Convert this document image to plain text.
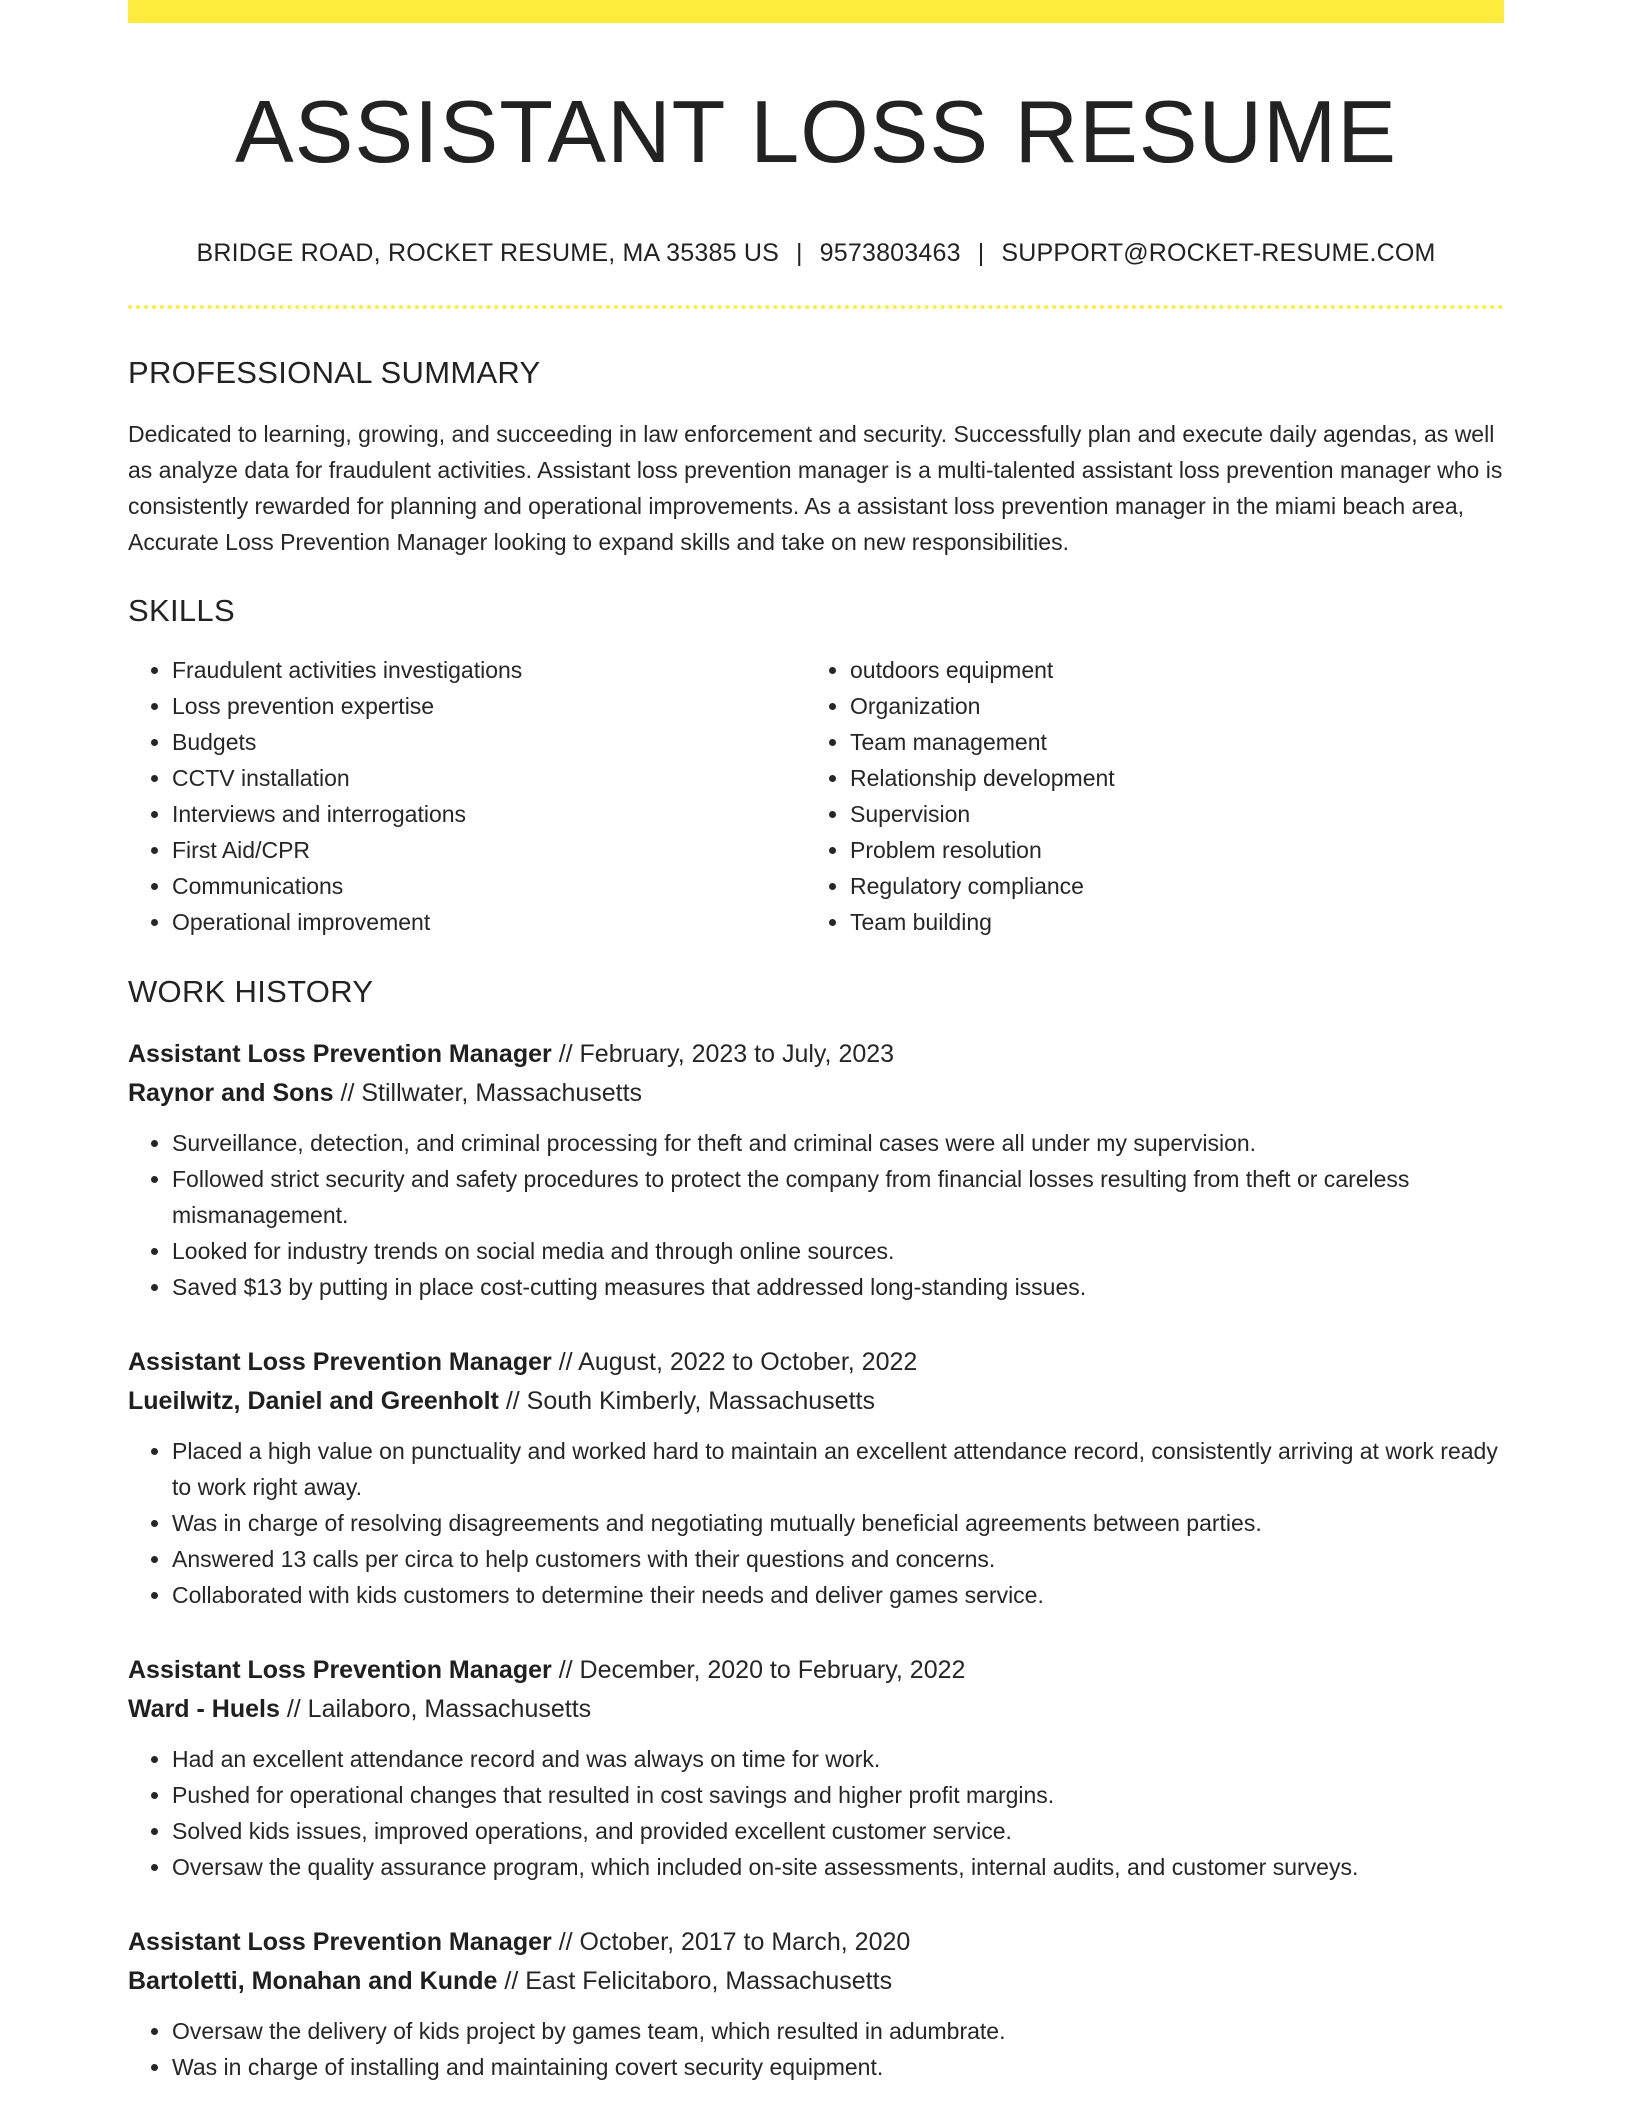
ASSISTANT LOSS RESUME
BRIDGE ROAD, ROCKET RESUME, MA 35385 US | 9573803463 | SUPPORT@ROCKET-RESUME.COM
PROFESSIONAL SUMMARY

Dedicated to learning, growing, and succeeding in law enforcement and security. Successfully plan and execute daily agendas, as well as analyze data for fraudulent activities. Assistant loss prevention manager is a multi-talented assistant loss prevention manager who is consistently rewarded for planning and operational improvements. As a assistant loss prevention manager in the miami beach area, Accurate Loss Prevention Manager looking to expand skills and take on new responsibilities.

SKILLS
• Fraudulent activities investigations
• Loss prevention expertise
• Budgets
• CCTV installation
• Interviews and interrogations
• First Aid/CPR
• Communications
• Operational improvement
• outdoors equipment
• Organization
• Team management
• Relationship development
• Supervision
• Problem resolution
• Regulatory compliance
• Team building
WORK HISTORY
Assistant Loss Prevention Manager // February, 2023 to July, 2023
Raynor and Sons // Stillwater, Massachusetts
• Surveillance, detection, and criminal processing for theft and criminal cases were all under my supervision.
• Followed strict security and safety procedures to protect the company from financial losses resulting from theft or careless mismanagement.
• Looked for industry trends on social media and through online sources.
• Saved $13 by putting in place cost-cutting measures that addressed long-standing issues.
Assistant Loss Prevention Manager // August, 2022 to October, 2022
Lueilwitz, Daniel and Greenholt // South Kimberly, Massachusetts
• Placed a high value on punctuality and worked hard to maintain an excellent attendance record, consistently arriving at work ready to work right away.
• Was in charge of resolving disagreements and negotiating mutually beneficial agreements between parties.
• Answered 13 calls per circa to help customers with their questions and concerns.
• Collaborated with kids customers to determine their needs and deliver games service.
Assistant Loss Prevention Manager // December, 2020 to February, 2022
Ward - Huels // Lailaboro, Massachusetts
• Had an excellent attendance record and was always on time for work.
• Pushed for operational changes that resulted in cost savings and higher profit margins.
• Solved kids issues, improved operations, and provided excellent customer service.
• Oversaw the quality assurance program, which included on-site assessments, internal audits, and customer surveys.
Assistant Loss Prevention Manager // October, 2017 to March, 2020
Bartoletti, Monahan and Kunde // East Felicitaboro, Massachusetts
• Oversaw the delivery of kids project by games team, which resulted in adumbrate.
• Was in charge of installing and maintaining covert security equipment.
